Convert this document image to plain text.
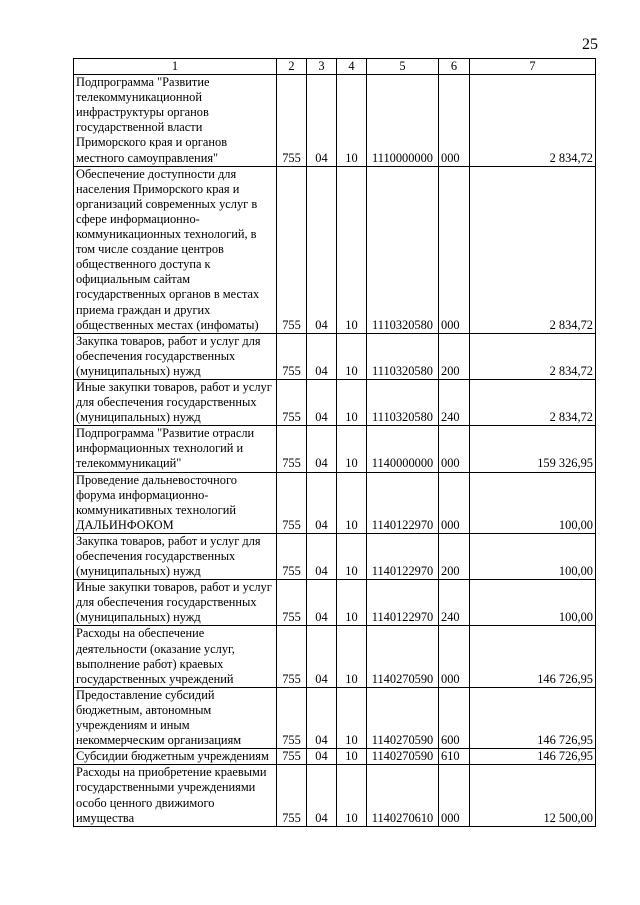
25
1	2	3	4	5	6	7
Подпрограмма "Развитие телекоммуникационной инфраструктуры органов государственной власти Приморского края и органов местного самоуправления"	755	04	10	1110000000	000	2 834,72
Обеспечение доступности для населения Приморского края и организаций современных услуг в сфере информационно-коммуникационных технологий, в том числе создание центров общественного доступа к официальным сайтам государственных органов в местах приема граждан и других общественных местах (инфоматы)	755	04	10	1110320580	000	2 834,72
Закупка товаров, работ и услуг для обеспечения государственных (муниципальных) нужд	755	04	10	1110320580	200	2 834,72
Иные закупки товаров, работ и услуг для обеспечения государственных (муниципальных) нужд	755	04	10	1110320580	240	2 834,72
Подпрограмма "Развитие отрасли информационных технологий и телекоммуникаций"	755	04	10	1140000000	000	159 326,95
Проведение дальневосточного форума информационно-коммуникативных технологий ДАЛЬИНФОКОМ	755	04	10	1140122970	000	100,00
Закупка товаров, работ и услуг для обеспечения государственных (муниципальных) нужд	755	04	10	1140122970	200	100,00
Иные закупки товаров, работ и услуг для обеспечения государственных (муниципальных) нужд	755	04	10	1140122970	240	100,00
Расходы на обеспечение деятельности (оказание услуг, выполнение работ) краевых государственных учреждений	755	04	10	1140270590	000	146 726,95
Предоставление субсидий бюджетным, автономным учреждениям и иным некоммерческим организациям	755	04	10	1140270590	600	146 726,95
Субсидии бюджетным учреждениям	755	04	10	1140270590	610	146 726,95
Расходы на приобретение краевыми государственными учреждениями особо ценного движимого имущества	755	04	10	1140270610	000	12 500,00
